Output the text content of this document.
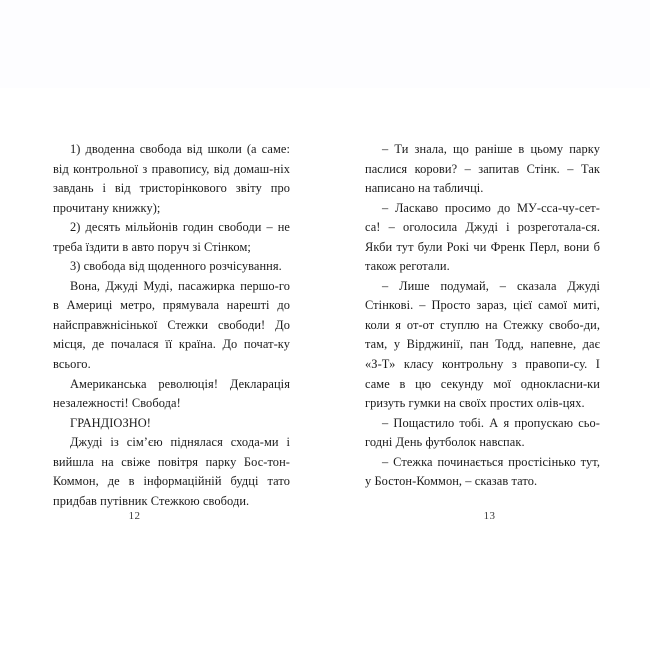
1) дводенна свобода від школи (а саме: від контрольної з правопису, від домаш-ніх завдань і від тристорінкового звіту про прочитану книжку);

2) десять мільйонів годин свободи – не треба їздити в авто поруч зі Стінком;

3) свобода від щоденного розчісування.

Вона, Джуді Муді, пасажирка першо-го в Америці метро, прямувала нарешті до найсправжнісінької Стежки свободи! До місця, де почалася її країна. До почат-ку всього.

Американська революція! Декларація незалежності! Свобода!

ГРАНДІОЗНО!

Джуді із сім’єю піднялася схода-ми і вийшла на свіже повітря парку Бос-тон-Коммон, де в інформаційній будці тато придбав путівник Стежкою свободи.

12

– Ти знала, що раніше в цьому парку паслися корови? – запитав Стінк. – Так написано на табличці.

– Ласкаво просимо до МУ-сса-чу-сет-са! – оголосила Джуді і розреготала-ся. Якби тут були Рокі чи Френк Перл, вони б також реготали.

– Лише подумай, – сказала Джуді Стінкові. – Просто зараз, цієї самої миті, коли я от-от ступлю на Стежку свобо-ди, там, у Вірджинії, пан Тодд, напевне, дає «З-Т» класу контрольну з правопи-су. І саме в цю секунду мої однокласни-ки гризуть гумки на своїх простих олів-цях.

– Пощастило тобі. А я пропускаю сьо-годні День футболок навспак.

– Стежка починається простісінько тут, у Бостон-Коммон, – сказав тато.

13
